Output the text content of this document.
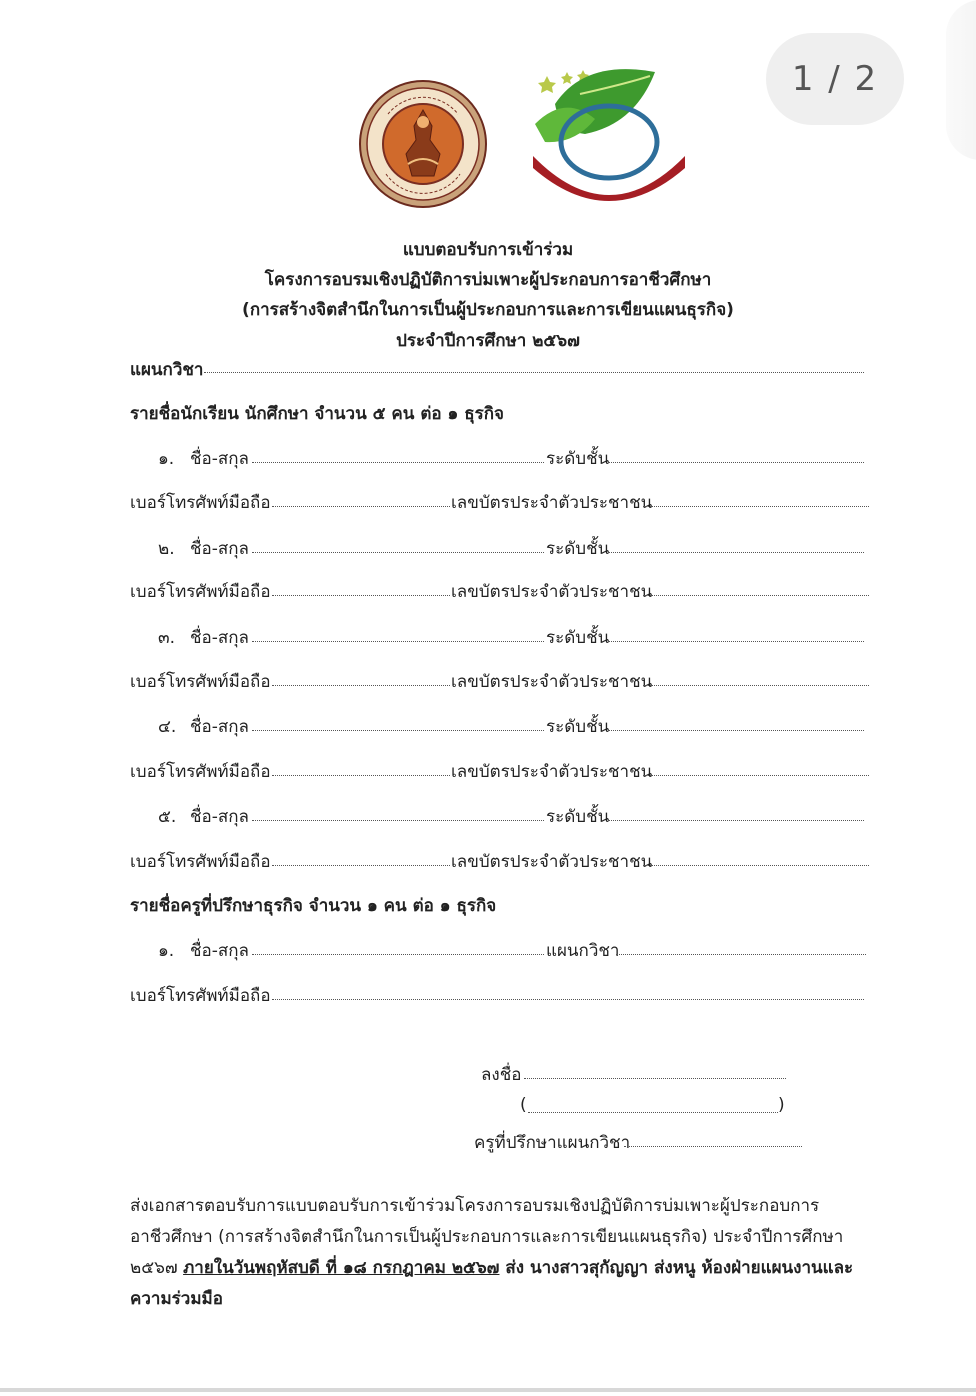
1 / 2
แบบตอบรับการเข้าร่วม
โครงการอบรมเชิงปฏิบัติการบ่มเพาะผู้ประกอบการอาชีวศึกษา
(การสร้างจิตสำนึกในการเป็นผู้ประกอบการและการเขียนแผนธุรกิจ)
ประจำปีการศึกษา ๒๕๖๗
แผนกวิชา
รายชื่อนักเรียน นักศึกษา จำนวน ๕ คน ต่อ ๑ ธุรกิจ
๑. ชื่อ-สกุล	ระดับชั้น
เบอร์โทรศัพท์มือถือ	เลขบัตรประจำตัวประชาชน
๒. ชื่อ-สกุล	ระดับชั้น
เบอร์โทรศัพท์มือถือ	เลขบัตรประจำตัวประชาชน
๓. ชื่อ-สกุล	ระดับชั้น
เบอร์โทรศัพท์มือถือ	เลขบัตรประจำตัวประชาชน
๔. ชื่อ-สกุล	ระดับชั้น
เบอร์โทรศัพท์มือถือ	เลขบัตรประจำตัวประชาชน
๕. ชื่อ-สกุล	ระดับชั้น
เบอร์โทรศัพท์มือถือ	เลขบัตรประจำตัวประชาชน
รายชื่อครูที่ปรึกษาธุรกิจ จำนวน ๑ คน ต่อ ๑ ธุรกิจ
๑. ชื่อ-สกุล	แผนกวิชา
เบอร์โทรศัพท์มือถือ
ลงชื่อ
(	)
ครูที่ปรึกษาแผนกวิชา
ส่งเอกสารตอบรับการแบบตอบรับการเข้าร่วมโครงการอบรมเชิงปฏิบัติการบ่มเพาะผู้ประกอบการอาชีวศึกษา (การสร้างจิตสำนึกในการเป็นผู้ประกอบการและการเขียนแผนธุรกิจ) ประจำปีการศึกษา ๒๕๖๗ ภายในวันพฤหัสบดี ที่ ๑๘ กรกฎาคม ๒๕๖๗ ส่ง นางสาวสุกัญญา ส่งหนู ห้องฝ่ายแผนงานและความร่วมมือ
